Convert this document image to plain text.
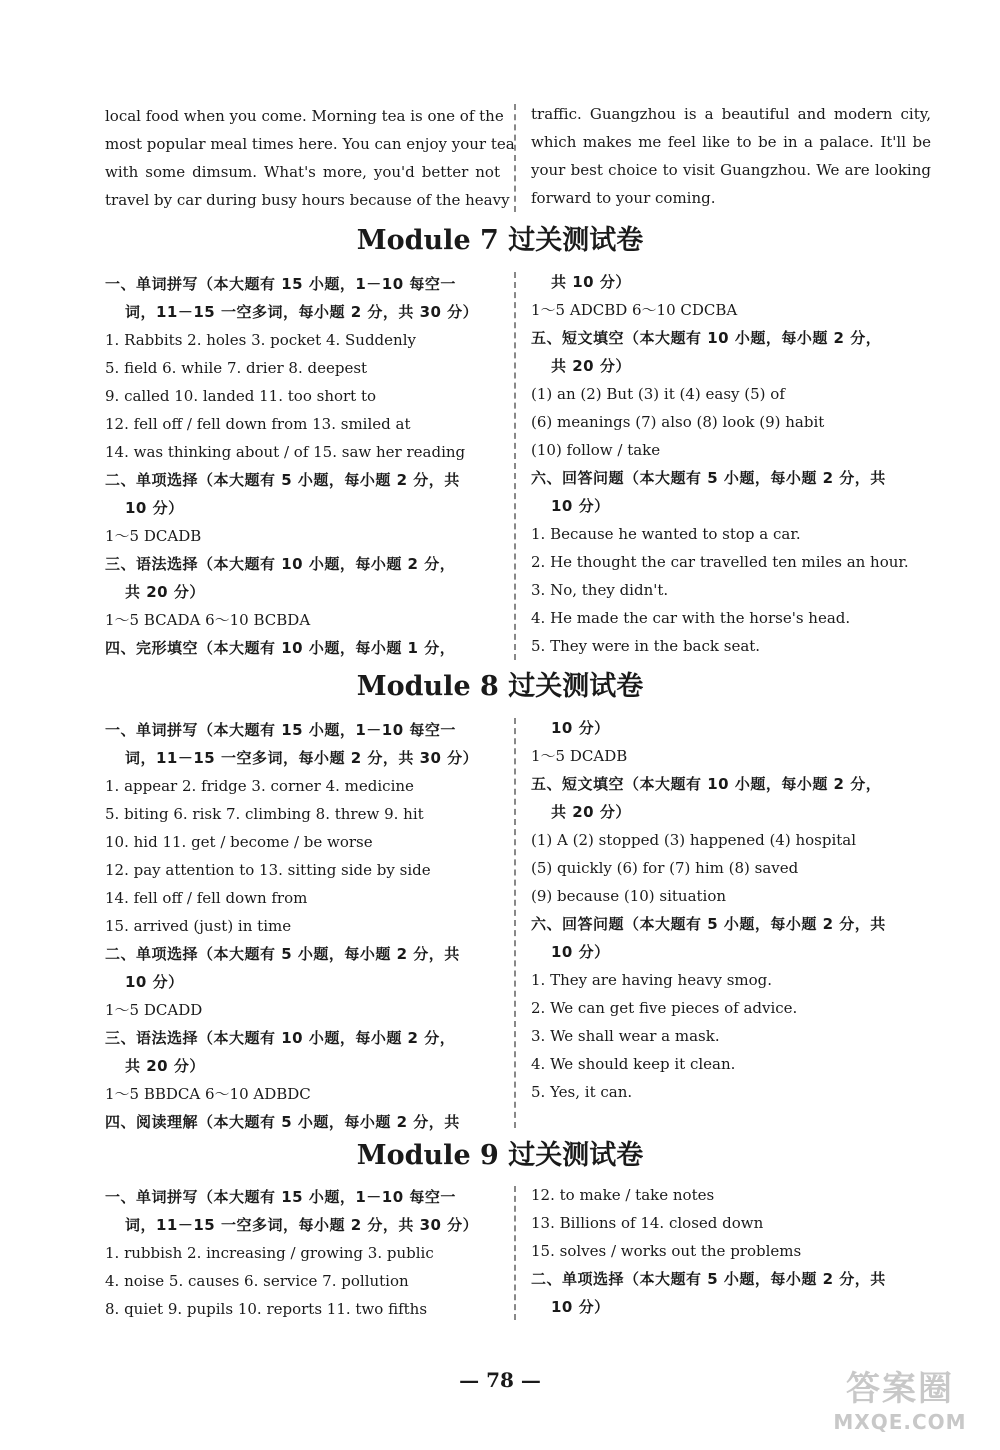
local food when you come. Morning tea is one of the
most popular meal times here. You can enjoy your tea
with some dimsum. What's more, you'd better not
travel by car during busy hours because of the heavy
traffic. Guangzhou is a beautiful and modern city,
which makes me feel like to be in a palace. It'll be
your best choice to visit Guangzhou. We are looking
forward to your coming.
Module 7 过关测试卷
一、单词拼写（本大题有 15 小题，1－10 每空一
词，11－15 一空多词，每小题 2 分，共 30 分）
1. Rabbits 2. holes 3. pocket 4. Suddenly
5. field 6. while 7. drier 8. deepest
9. called 10. landed 11. too short to
12. fell off / fell down from 13. smiled at
14. was thinking about / of 15. saw her reading
二、单项选择（本大题有 5 小题，每小题 2 分，共
10 分）
1～5 DCADB
三、语法选择（本大题有 10 小题，每小题 2 分，
共 20 分）
1～5 BCADA 6～10 BCBDA
四、完形填空（本大题有 10 小题，每小题 1 分，
共 10 分）
1～5 ADCBD 6～10 CDCBA
五、短文填空（本大题有 10 小题，每小题 2 分，
共 20 分）
(1) an (2) But (3) it (4) easy (5) of
(6) meanings (7) also (8) look (9) habit
(10) follow / take
六、回答问题（本大题有 5 小题，每小题 2 分，共
10 分）
1. Because he wanted to stop a car.
2. He thought the car travelled ten miles an hour.
3. No, they didn't.
4. He made the car with the horse's head.
5. They were in the back seat.
Module 8 过关测试卷
一、单词拼写（本大题有 15 小题，1－10 每空一
词，11－15 一空多词，每小题 2 分，共 30 分）
1. appear 2. fridge 3. corner 4. medicine
5. biting 6. risk 7. climbing 8. threw 9. hit
10. hid 11. get / become / be worse
12. pay attention to 13. sitting side by side
14. fell off / fell down from
15. arrived (just) in time
二、单项选择（本大题有 5 小题，每小题 2 分，共
10 分）
1～5 DCADD
三、语法选择（本大题有 10 小题，每小题 2 分，
共 20 分）
1～5 BBDCA 6～10 ADBDC
四、阅读理解（本大题有 5 小题，每小题 2 分，共
10 分）
1～5 DCADB
五、短文填空（本大题有 10 小题，每小题 2 分，
共 20 分）
(1) A (2) stopped (3) happened (4) hospital
(5) quickly (6) for (7) him (8) saved
(9) because (10) situation
六、回答问题（本大题有 5 小题，每小题 2 分，共
10 分）
1. They are having heavy smog.
2. We can get five pieces of advice.
3. We shall wear a mask.
4. We should keep it clean.
5. Yes, it can.
Module 9 过关测试卷
一、单词拼写（本大题有 15 小题，1－10 每空一
词，11－15 一空多词，每小题 2 分，共 30 分）
1. rubbish 2. increasing / growing 3. public
4. noise 5. causes 6. service 7. pollution
8. quiet 9. pupils 10. reports 11. two fifths
12. to make / take notes
13. Billions of 14. closed down
15. solves / works out the problems
二、单项选择（本大题有 5 小题，每小题 2 分，共
10 分）
— 78 —	答案圈
MXQE.COM
